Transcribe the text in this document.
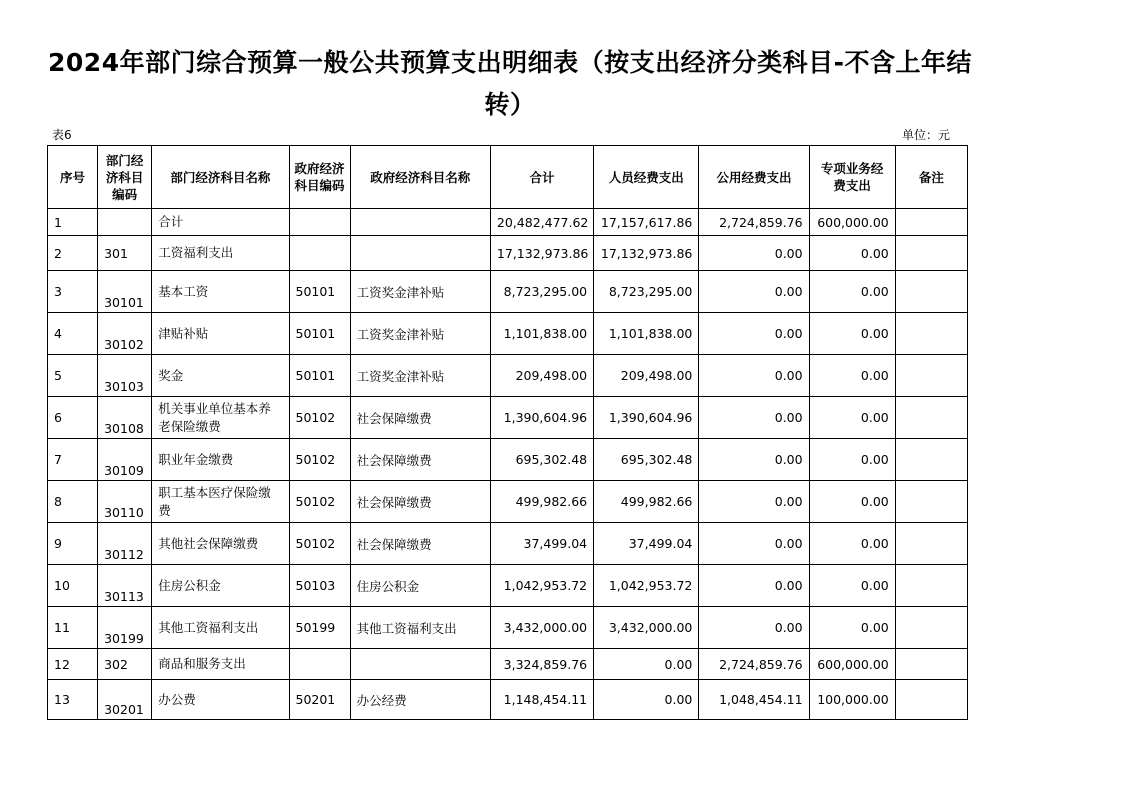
2024年部门综合预算一般公共预算支出明细表（按支出经济分类科目-不含上年结转）
表6	单位：元
序号	部门经济科目编码	部门经济科目名称	政府经济科目编码	政府经济科目名称	合计	人员经费支出	公用经费支出	专项业务经费支出	备注
1		合计			20,482,477.62	17,157,617.86	2,724,859.76	600,000.00	
2	301	工资福利支出			17,132,973.86	17,132,973.86	0.00	0.00	
3	30101	基本工资	50101	工资奖金津补贴	8,723,295.00	8,723,295.00	0.00	0.00	
4	30102	津贴补贴	50101	工资奖金津补贴	1,101,838.00	1,101,838.00	0.00	0.00	
5	30103	奖金	50101	工资奖金津补贴	209,498.00	209,498.00	0.00	0.00	
6	30108	机关事业单位基本养老保险缴费	50102	社会保障缴费	1,390,604.96	1,390,604.96	0.00	0.00	
7	30109	职业年金缴费	50102	社会保障缴费	695,302.48	695,302.48	0.00	0.00	
8	30110	职工基本医疗保险缴费	50102	社会保障缴费	499,982.66	499,982.66	0.00	0.00	
9	30112	其他社会保障缴费	50102	社会保障缴费	37,499.04	37,499.04	0.00	0.00	
10	30113	住房公积金	50103	住房公积金	1,042,953.72	1,042,953.72	0.00	0.00	
11	30199	其他工资福利支出	50199	其他工资福利支出	3,432,000.00	3,432,000.00	0.00	0.00	
12	302	商品和服务支出			3,324,859.76	0.00	2,724,859.76	600,000.00	
13	30201	办公费	50201	办公经费	1,148,454.11	0.00	1,048,454.11	100,000.00	
